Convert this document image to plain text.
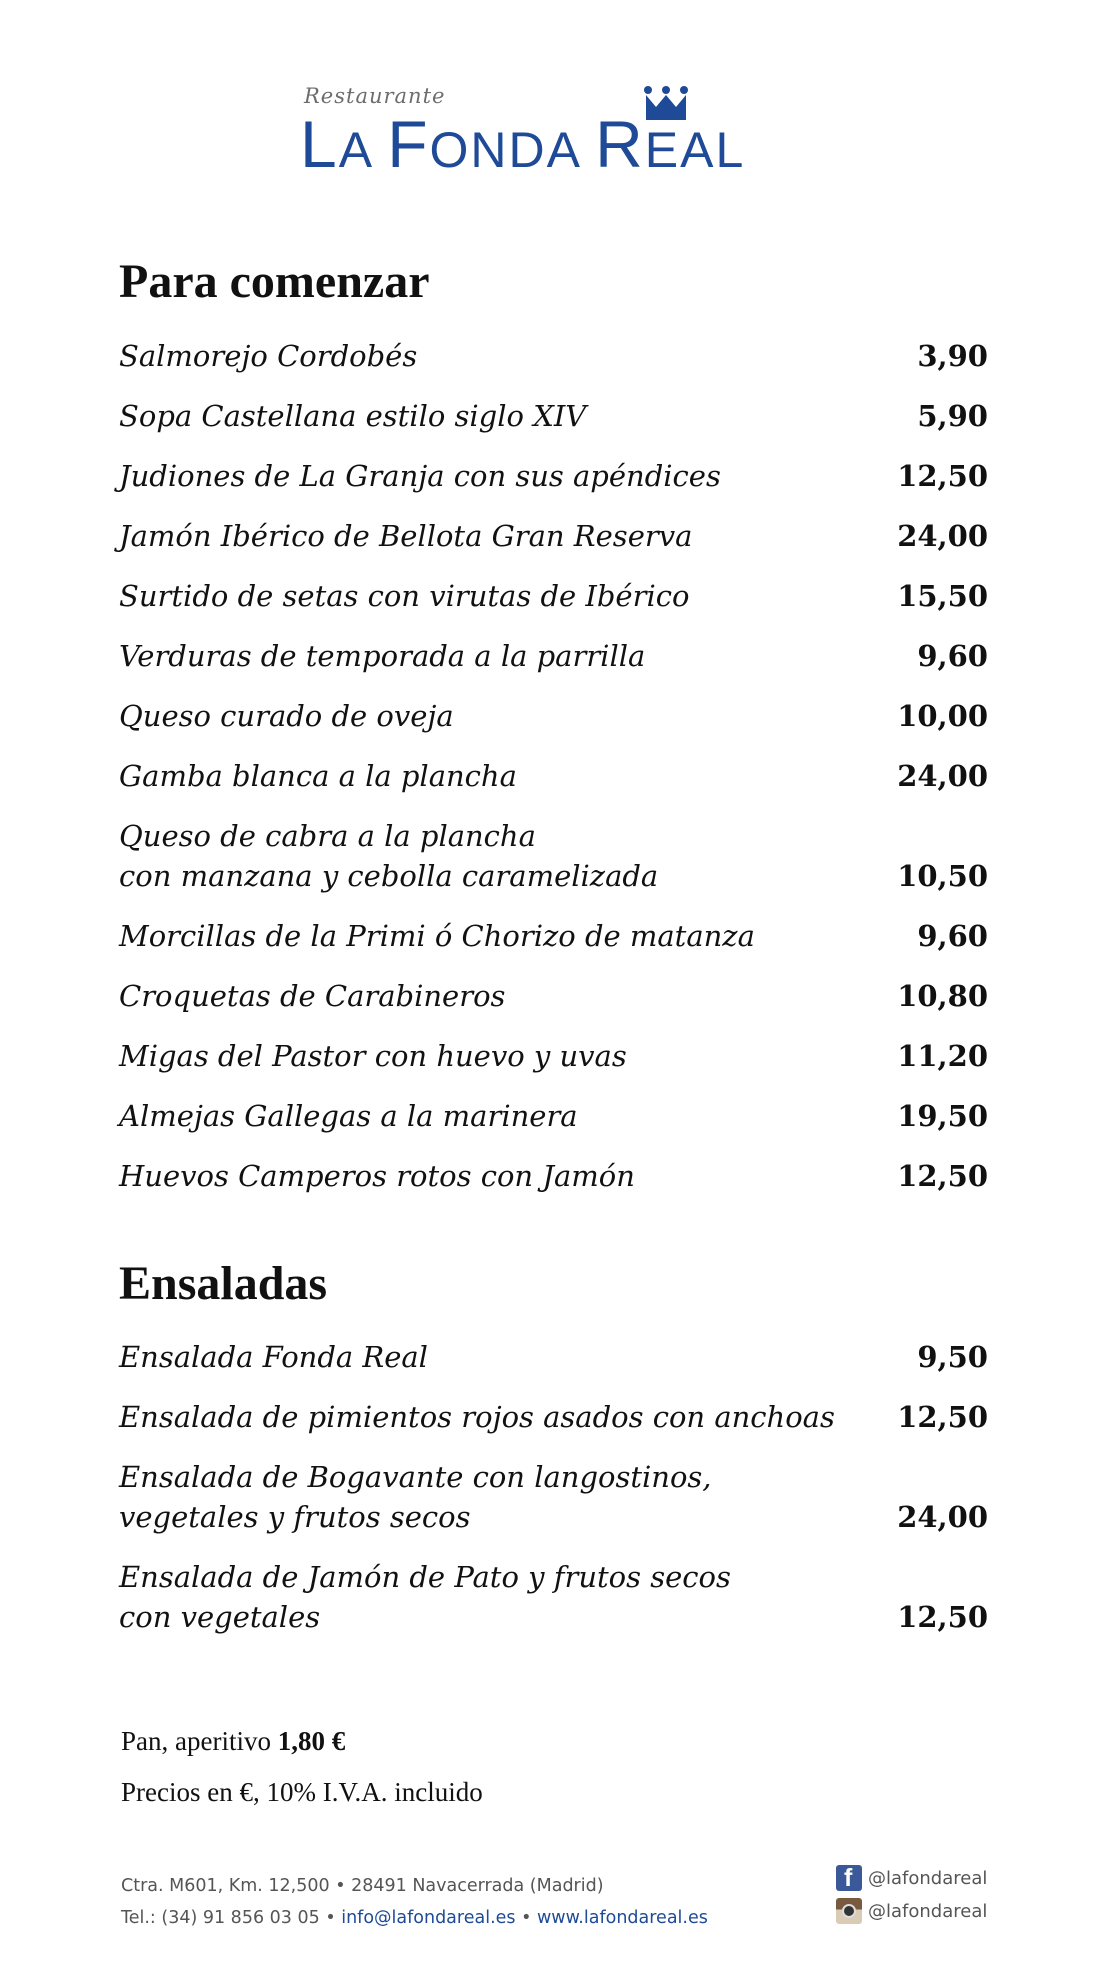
Restaurante
LA FONDA REAL
Para comenzar
Salmorejo Cordobés	3,90
Sopa Castellana estilo siglo XIV	5,90
Judiones de La Granja con sus apéndices	12,50
Jamón Ibérico de Bellota Gran Reserva	24,00
Surtido de setas con virutas de Ibérico	15,50
Verduras de temporada a la parrilla	9,60
Queso curado de oveja	10,00
Gamba blanca a la plancha	24,00
Queso de cabra a la plancha
con manzana y cebolla caramelizada	10,50
Morcillas de la Primi ó Chorizo de matanza	9,60
Croquetas de Carabineros	10,80
Migas del Pastor con huevo y uvas	11,20
Almejas Gallegas a la marinera	19,50
Huevos Camperos rotos con Jamón	12,50
Ensaladas
Ensalada Fonda Real	9,50
Ensalada de pimientos rojos asados con anchoas 12,50
Ensalada de Bogavante con langostinos,
vegetales y frutos secos	24,00
Ensalada de Jamón de Pato y frutos secos
con vegetales	12,50
Pan, aperitivo 1,80 €
Precios en €, 10% I.V.A. incluido
Ctra. M601, Km. 12,500 • 28491 Navacerrada (Madrid)
Tel.: (34) 91 856 03 05 • info@lafondareal.es • www.lafondareal.es
f @lafondareal
@lafondareal
